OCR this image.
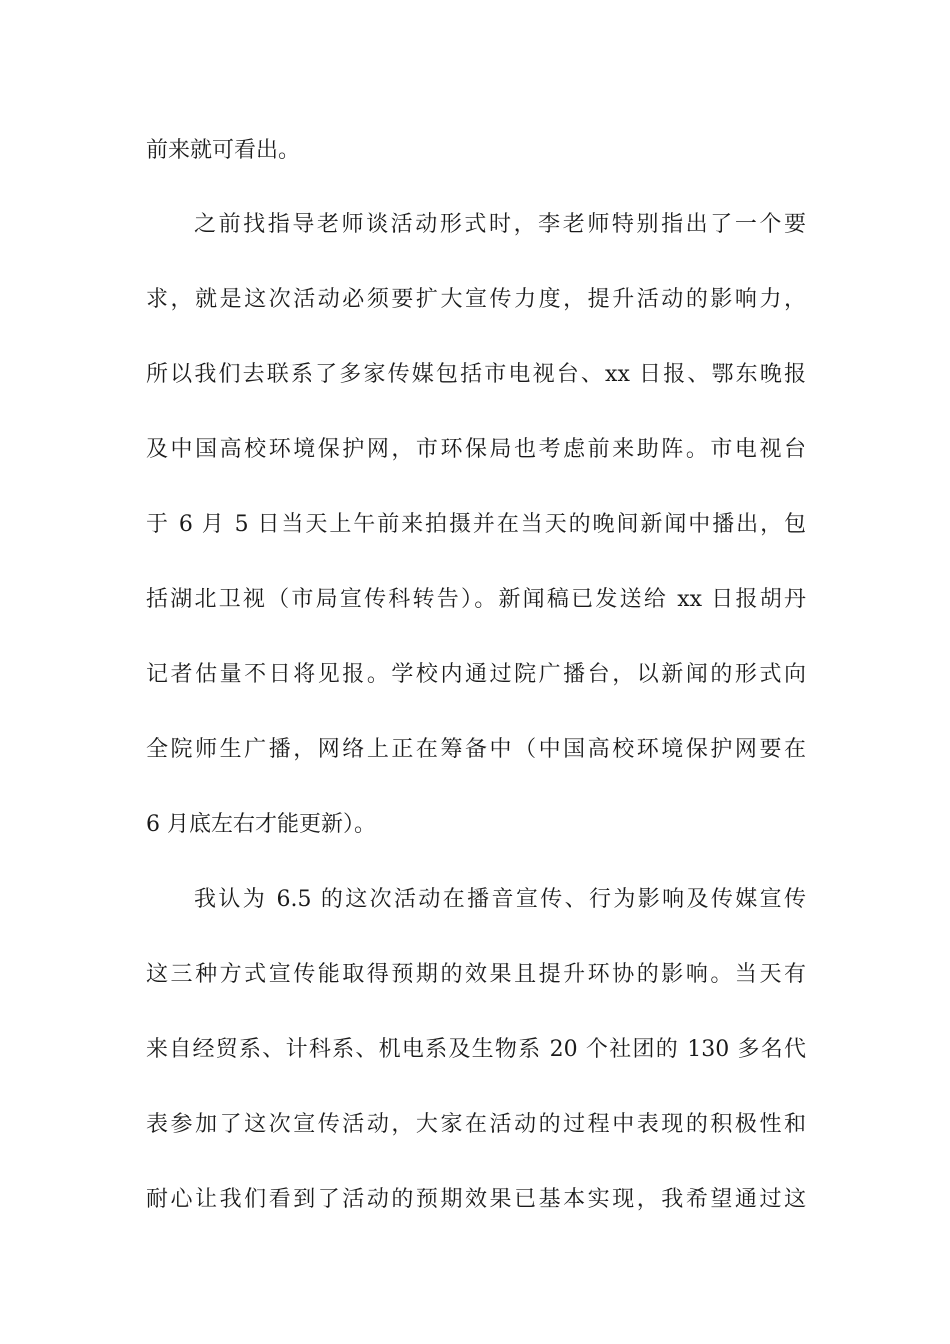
前来就可看出。
之前找指导老师谈活动形式时，李老师特别指出了一个要
求，就是这次活动必须要扩大宣传力度，提升活动的影响力，
所以我们去联系了多家传媒包括市电视台、xx 日报、鄂东晚报
及中国高校环境保护网，市环保局也考虑前来助阵。市电视台
于 6 月 5 日当天上午前来拍摄并在当天的晚间新闻中播出，包
括湖北卫视（市局宣传科转告）。新闻稿已发送给 xx 日报胡丹
记者估量不日将见报。学校内通过院广播台，以新闻的形式向
全院师生广播，网络上正在筹备中（中国高校环境保护网要在
6 月底左右才能更新）。
我认为 6.5 的这次活动在播音宣传、行为影响及传媒宣传
这三种方式宣传能取得预期的效果且提升环协的影响。当天有
来自经贸系、计科系、机电系及生物系 20 个社团的 130 多名代
表参加了这次宣传活动，大家在活动的过程中表现的积极性和
耐心让我们看到了活动的预期效果已基本实现，我希望通过这
